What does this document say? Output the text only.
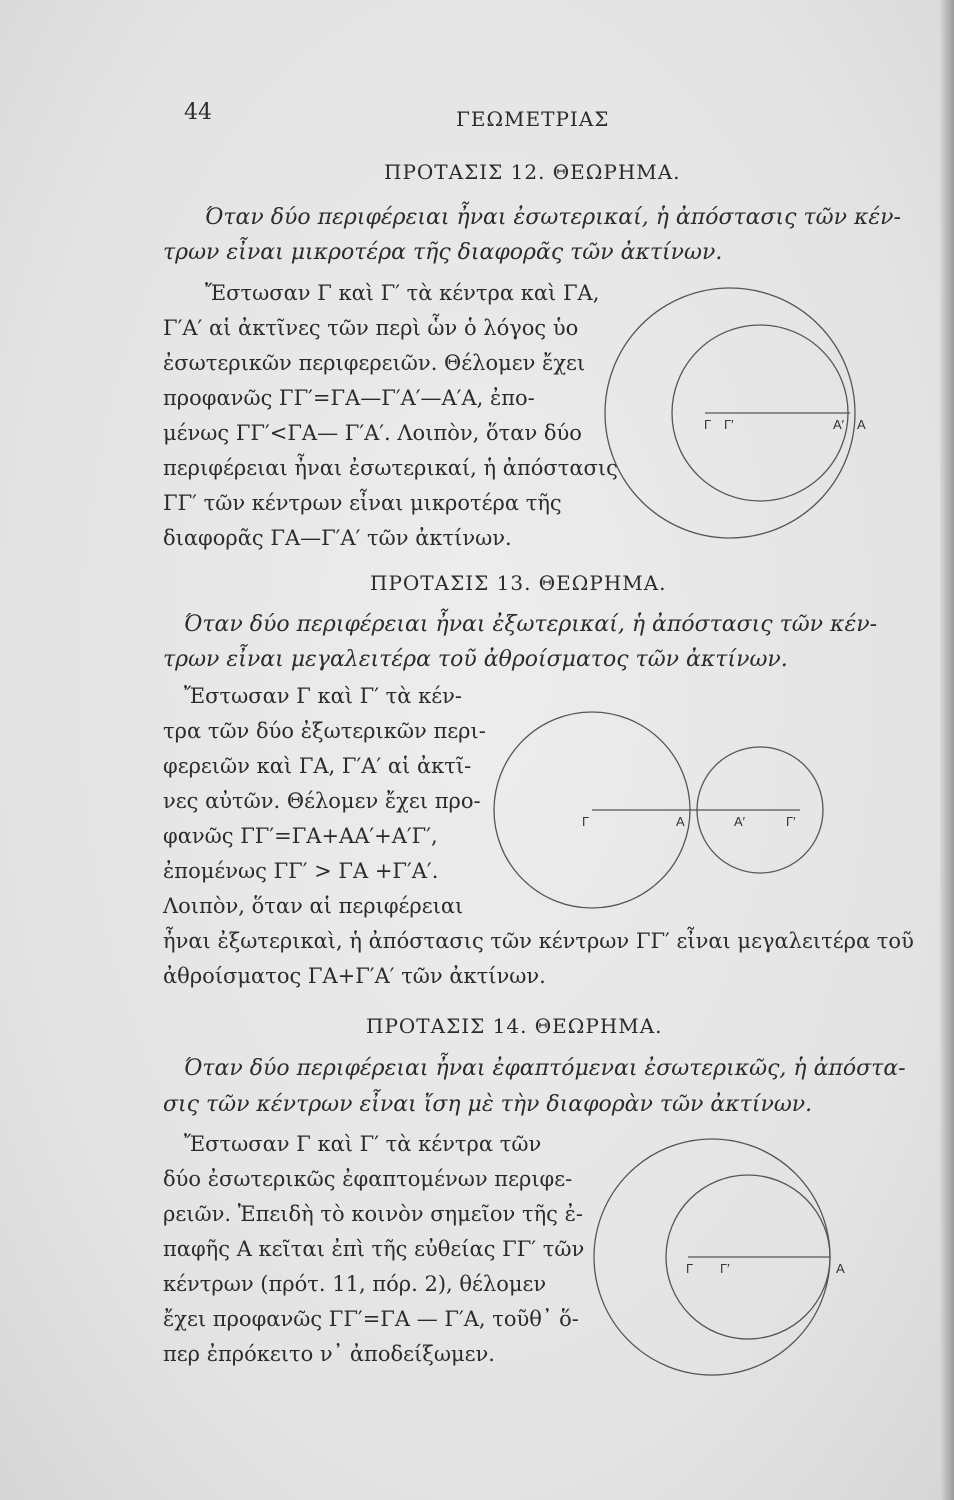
44	ΓΕΩΜΕΤΡΙΑΣ
ΠΡΟΤΑΣΙΣ 12. ΘΕΩΡΗΜΑ.
Όταν δύο περιφέρειαι ἦναι ἐσωτερικαί, ἡ ἀπόστασις τῶν κέν-
τρων εἶναι μικροτέρα τῆς διαφορᾶς τῶν ἀκτίνων.
Ἔστωσαν Γ καὶ Γ′ τὰ κέντρα καὶ ΓΑ,
Γ′Α′ αἱ ἀκτῖνες τῶν περὶ ὧν ὁ λόγος ὑο
ἐσωτερικῶν περιφερειῶν. Θέλομεν ἔχει
προφανῶς ΓΓ′=ΓΑ—Γ′Α′—Α′Α, ἐπο-
μένως ΓΓ′<ΓΑ— Γ′Α′. Λοιπὸν, ὅταν δύο
περιφέρειαι ἦναι ἐσωτερικαί, ἡ ἀπόστασις
ΓΓ′ τῶν κέντρων εἶναι μικροτέρα τῆς
διαφορᾶς ΓΑ—Γ′Α′ τῶν ἀκτίνων.
Γ Γ′	Α′ Α
ΠΡΟΤΑΣΙΣ 13. ΘΕΩΡΗΜΑ.
Όταν δύο περιφέρειαι ἦναι ἐξωτερικαί, ἡ ἀπόστασις τῶν κέν-
τρων εἶναι μεγαλειτέρα τοῦ ἀθροίσματος τῶν ἀκτίνων.
Ἔστωσαν Γ καὶ Γ′ τὰ κέν-
τρα τῶν δύο ἐξωτερικῶν περι-
φερειῶν καὶ ΓΑ, Γ′Α′ αἱ ἀκτῖ-
νες αὐτῶν. Θέλομεν ἔχει προ-
φανῶς ΓΓ′=ΓΑ+ΑΑ′+Α′Γ′,
ἐπομένως ΓΓ′ > ΓΑ +Γ′Α′.
Λοιπὸν, ὅταν αἱ περιφέρειαι
ἦναι ἐξωτερικαὶ, ἡ ἀπόστασις τῶν κέντρων ΓΓ′ εἶναι μεγαλειτέρα τοῦ
ἀθροίσματος ΓΑ+Γ′Α′ τῶν ἀκτίνων.
Γ	Α	Α′	Γ′
ΠΡΟΤΑΣΙΣ 14. ΘΕΩΡΗΜΑ.
Όταν δύο περιφέρειαι ἦναι ἐφαπτόμεναι ἐσωτερικῶς, ἡ ἀπόστα-
σις τῶν κέντρων εἶναι ἴση μὲ τὴν διαφορὰν τῶν ἀκτίνων.
Ἔστωσαν Γ καὶ Γ′ τὰ κέντρα τῶν
δύο ἐσωτερικῶς ἐφαπτομένων περιφε-
ρειῶν. Ἐπειδὴ τὸ κοινὸν σημεῖον τῆς ἐ-
παφῆς Α κεῖται ἐπὶ τῆς εὐθείας ΓΓ′ τῶν
κέντρων (πρότ. 11, πόρ. 2), θέλομεν
ἔχει προφανῶς ΓΓ′=ΓΑ — Γ′Α, τοῦθ᾽ ὅ-
περ ἐπρόκειτο ν᾽ ἀποδείξωμεν.
Γ Γ′	Α
